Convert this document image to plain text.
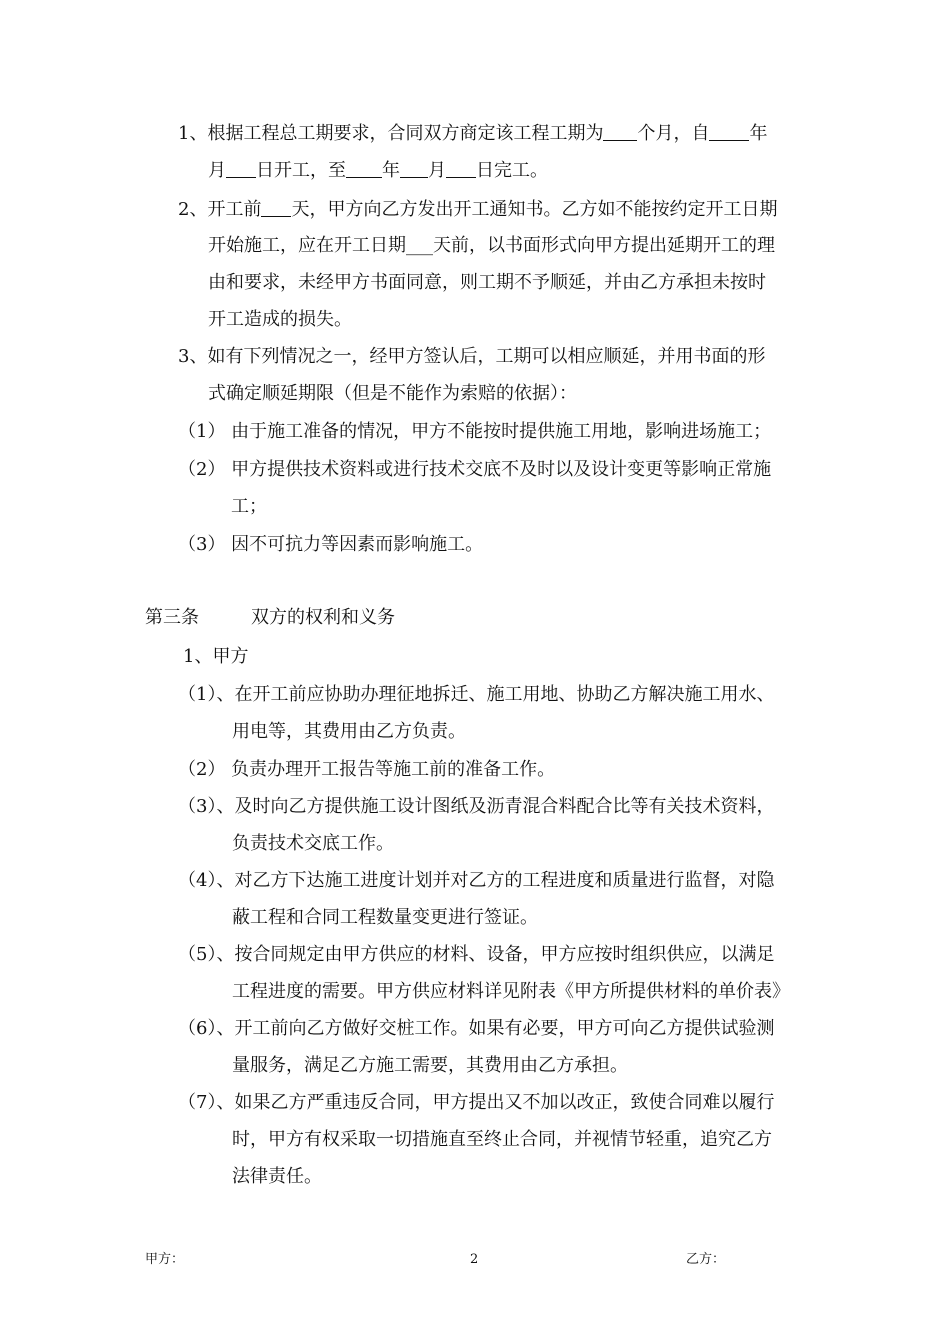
1、根据工程总工期要求，合同双方商定该工程工期为 个月，自 年
月 日开工，至 年 月 日完工。
2、开工前 天，甲方向乙方发出开工通知书。乙方如不能按约定开工日期
开始施工，应在开工日期___天前，以书面形式向甲方提出延期开工的理
由和要求，未经甲方书面同意，则工期不予顺延，并由乙方承担未按时
开工造成的损失。
3、如有下列情况之一，经甲方签认后，工期可以相应顺延，并用书面的形
式确定顺延期限（但是不能作为索赔的依据）：
（1） 由于施工准备的情况，甲方不能按时提供施工用地，影响进场施工；
（2） 甲方提供技术资料或进行技术交底不及时以及设计变更等影响正常施
工；
（3） 因不可抗力等因素而影响施工。
第三条	双方的权利和义务
1、甲方
（1）、在开工前应协助办理征地拆迁、施工用地、协助乙方解决施工用水、
用电等，其费用由乙方负责。
（2） 负责办理开工报告等施工前的准备工作。
（3）、及时向乙方提供施工设计图纸及沥青混合料配合比等有关技术资料，
负责技术交底工作。
（4）、对乙方下达施工进度计划并对乙方的工程进度和质量进行监督，对隐
蔽工程和合同工程数量变更进行签证。
（5）、按合同规定由甲方供应的材料、设备，甲方应按时组织供应，以满足
工程进度的需要。甲方供应材料详见附表《甲方所提供材料的单价表》
（6）、开工前向乙方做好交桩工作。如果有必要，甲方可向乙方提供试验测
量服务，满足乙方施工需要，其费用由乙方承担。
（7）、如果乙方严重违反合同，甲方提出又不加以改正，致使合同难以履行
时，甲方有权采取一切措施直至终止合同，并视情节轻重，追究乙方
法律责任。
甲方：	2	乙方：
